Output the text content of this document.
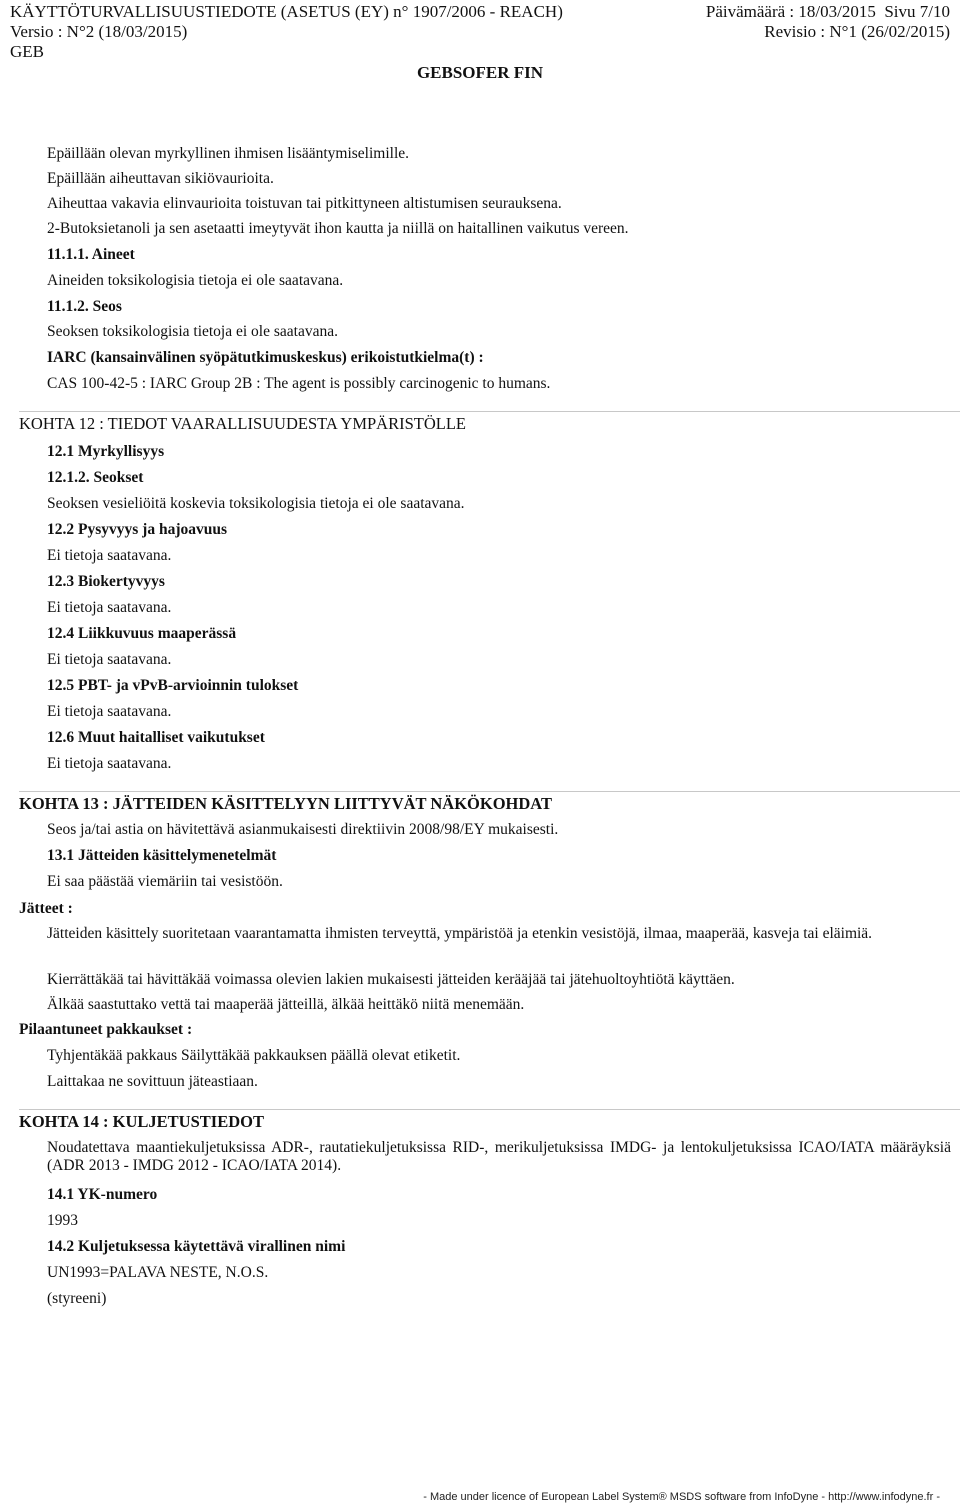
KÄYTTÖTURVALLISUUSTIEDOTE (ASETUS (EY) n° 1907/2006 - REACH)	Päivämäärä : 18/03/2015 Sivu 7/10
Versio : N°2 (18/03/2015)	Revisio : N°1 (26/02/2015)
GEB
GEBSOFER FIN
Epäillään olevan myrkyllinen ihmisen lisääntymiselimille.
Epäillään aiheuttavan sikiövaurioita.
Aiheuttaa vakavia elinvaurioita toistuvan tai pitkittyneen altistumisen seurauksena.
2-Butoksietanoli ja sen asetaatti imeytyvät ihon kautta ja niillä on haitallinen vaikutus vereen.
11.1.1. Aineet
Aineiden toksikologisia tietoja ei ole saatavana.
11.1.2. Seos
Seoksen toksikologisia tietoja ei ole saatavana.
IARC (kansainvälinen syöpätutkimuskeskus) erikoistutkielma(t) :
CAS 100-42-5 : IARC Group 2B : The agent is possibly carcinogenic to humans.
KOHTA 12 : TIEDOT VAARALLISUUDESTA YMPÄRISTÖLLE
12.1 Myrkyllisyys
12.1.2. Seokset
Seoksen vesieliöitä koskevia toksikologisia tietoja ei ole saatavana.
12.2 Pysyvyys ja hajoavuus
Ei tietoja saatavana.
12.3 Biokertyvyys
Ei tietoja saatavana.
12.4 Liikkuvuus maaperässä
Ei tietoja saatavana.
12.5 PBT- ja vPvB-arvioinnin tulokset
Ei tietoja saatavana.
12.6 Muut haitalliset vaikutukset
Ei tietoja saatavana.
KOHTA 13 : JÄTTEIDEN KÄSITTELYYN LIITTYVÄT NÄKÖKOHDAT
Seos ja/tai astia on hävitettävä asianmukaisesti direktiivin 2008/98/EY mukaisesti.
13.1 Jätteiden käsittelymenetelmät
Ei saa päästää viemäriin tai vesistöön.
Jätteet :
Jätteiden käsittely suoritetaan vaarantamatta ihmisten terveyttä, ympäristöä ja etenkin vesistöjä, ilmaa, maaperää, kasveja tai eläimiä.
Kierrättäkää tai hävittäkää voimassa olevien lakien mukaisesti jätteiden kerääjää tai jätehuoltoyhtiötä käyttäen.
Älkää saastuttako vettä tai maaperää jätteillä, älkää heittäkö niitä menemään.
Pilaantuneet pakkaukset :
Tyhjentäkää pakkaus Säilyttäkää pakkauksen päällä olevat etiketit.
Laittakaa ne sovittuun jäteastiaan.
KOHTA 14 : KULJETUSTIEDOT
Noudatettava maantiekuljetuksissa ADR-, rautatiekuljetuksissa RID-, merikuljetuksissa IMDG- ja lentokuljetuksissa ICAO/IATA määräyksiä (ADR 2013 - IMDG 2012 - ICAO/IATA 2014).
14.1 YK-numero
1993
14.2 Kuljetuksessa käytettävä virallinen nimi
UN1993=PALAVA NESTE, N.O.S.
(styreeni)
- Made under licence of European Label System® MSDS software from InfoDyne - http://www.infodyne.fr -
